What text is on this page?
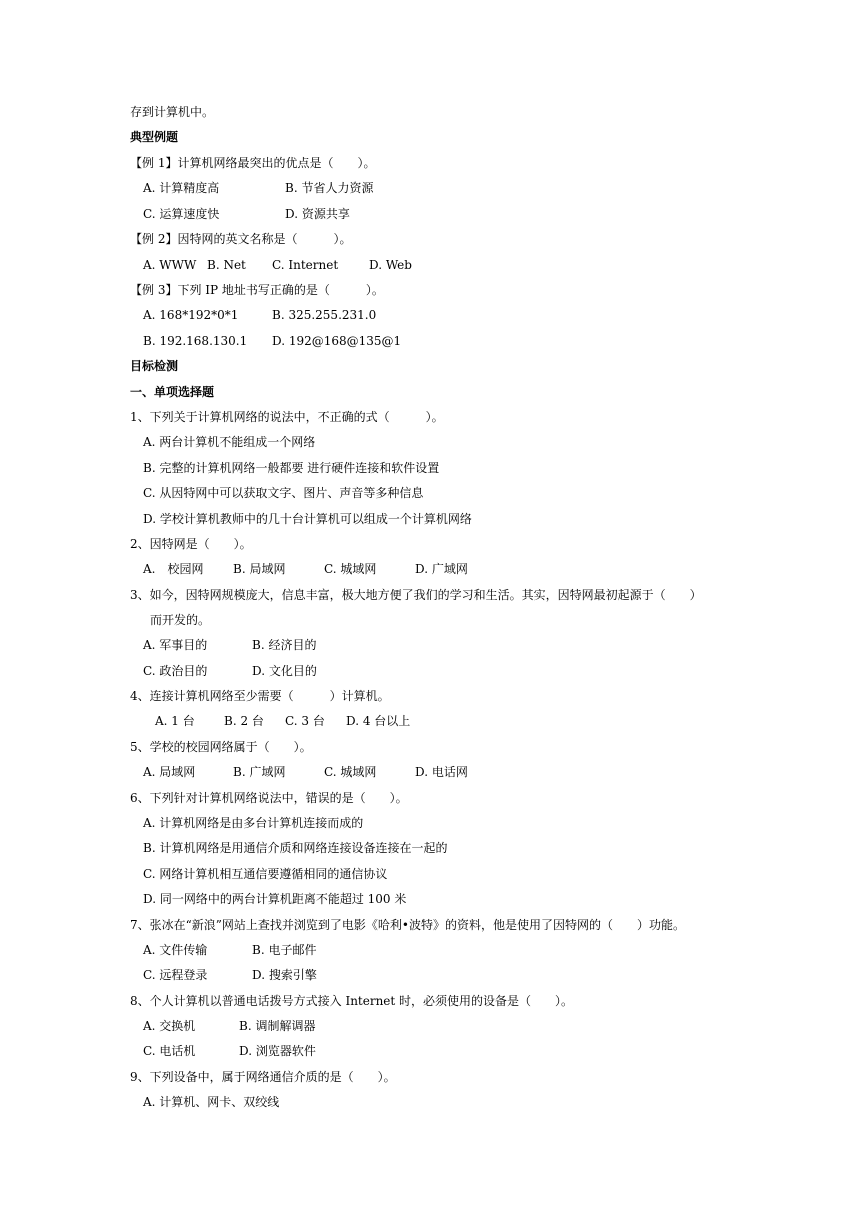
存到计算机中。
典型例题
【例 1】计算机网络最突出的优点是（　　）。
A. 计算精度高	B. 节省人力资源
C. 运算速度快	D. 资源共享
【例 2】因特网的英文名称是（　　　）。
A. WWW B. Net C. Internet	D. Web
【例 3】下列 IP 地址书写正确的是（　　　）。
A. 168*192*0*1	B. 325.255.231.0
B. 192.168.130.1 D. 192@168@135@1
目标检测
一、单项选择题
1、下列关于计算机网络的说法中，不正确的式（　　　）。
A. 两台计算机不能组成一个网络
B. 完整的计算机网络一般都要 进行硬件连接和软件设置
C. 从因特网中可以获取文字、图片、声音等多种信息
D. 学校计算机教师中的几十台计算机可以组成一个计算机网络
2、因特网是（　　）。
A.　校园网 B. 局域网	C. 城域网	D. 广域网
3、如今，因特网规模庞大，信息丰富，极大地方便了我们的学习和生活。其实，因特网最初起源于（　　）
而开发的。
A. 军事目的	B. 经济目的
C. 政治目的	D. 文化目的
4、连接计算机网络至少需要（　　　）计算机。
A. 1 台 B. 2 台 C. 3 台 D. 4 台以上
5、学校的校园网络属于（　　）。
A. 局域网	B. 广域网	C. 城域网	D. 电话网
6、下列针对计算机网络说法中，错误的是（　　）。
A. 计算机网络是由多台计算机连接而成的
B. 计算机网络是用通信介质和网络连接设备连接在一起的
C. 网络计算机相互通信要遵循相同的通信协议
D. 同一网络中的两台计算机距离不能超过 100 米
7、张冰在“新浪”网站上查找并浏览到了电影《哈利•波特》的资料，他是使用了因特网的（　　）功能。
A. 文件传输	B. 电子邮件
C. 远程登录	D. 搜索引擎
8、个人计算机以普通电话拨号方式接入 Internet 时，必须使用的设备是（　　）。
A. 交换机	B. 调制解调器
C. 电话机	D. 浏览器软件
9、下列设备中，属于网络通信介质的是（　　）。
A. 计算机、网卡、双绞线
